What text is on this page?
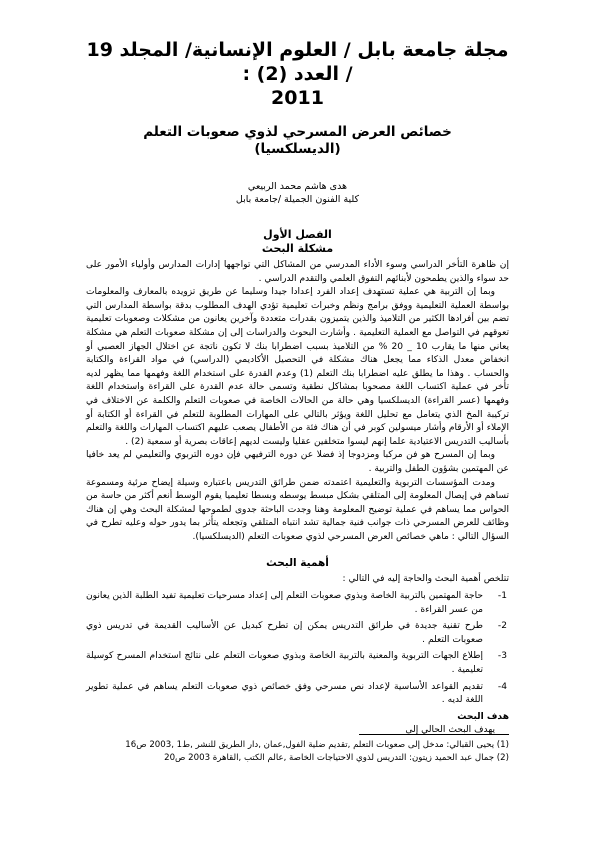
مجلة جامعة بابل / العلوم الإنسانية/ المجلد 19 / العدد (2) :
2011
خصائص العرض المسرحي لذوي صعوبات التعلم
(الديسلكسيا)
هدى هاشم محمد الربيعي
كلية الفنون الجميلة /جامعة بابل
الفصل الأول
مشكلة البحث

إن ظاهرة التأخر الدراسي وسوء الأداء المدرسي من المشاكل التي تواجهها إدارات المدارس وأولياء الأمور على حد سواء والذين يطمحون لأبنائهم التفوق العلمي والتقدم الدراسي .

وبما إن التربية هي عملية تستهدف إعداد الفرد إعدادا جيدا وسليما عن طريق تزويده بالمعارف والمعلومات بواسطة العملية التعليمية ووفق برامج ونظم وخبرات تعليمية تؤدي الهدف المطلوب بدقة بواسطة المدارس التي تضم بين أفرادها الكثير من التلاميذ والذين يتميزون بقدرات متعددة وآخرين يعانون من مشكلات وصعوبات تعليمية تعوقهم في التواصل مع العملية التعليمية . وأشارت البحوث والدراسات إلى إن مشكلة صعوبات التعلم هي مشكلة يعاني منها ما يقارب 10 _ 20 % من التلاميذ بسبب اضطرابا بنك لا تكون ناتجة عن اختلال الجهاز العصبي أو انخفاض معدل الذكاء مما يجعل هناك مشكلة في التحصيل الأكاديمي (الدراسي) في مواد القراءة والكتابة والحساب . وهذا ما يطلق عليه اضطرابا بنك التعلم (1) وعدم القدرة على استخدام اللغة وفهمها مما يظهر لديه تأخر في عملية اكتساب اللغة مصحوبا بمشاكل نطقية وتسمى حالة عدم القدرة على القراءة واستخدام اللغة وفهمها (عسر القراءة) الديسلكسيا وهي حالة من الحالات الخاصة في صعوبات التعلم والكلمة عن الاختلاف في تركيبة المخ الذي يتعامل مع تحليل اللغة ويؤثر بالتالي على المهارات المطلوبة للتعلم في القراءة أو الكتابة أو الإملاء أو الأرقام وأشار ميسولين كوبر في أن هناك فئة من الأطفال يصعب عليهم اكتساب المهارات واللغة والتعلم بأساليب التدريس الاعتيادية علما إنهم ليسوا متخلفين عقليا وليست لديهم إعاقات بصرية أو سمعية (2) .

وبما إن المسرح هو فن مركبا ومزدوجا إذ فضلا عن دوره الترفيهي فإن دوره التربوي والتعليمي لم يعد خافيا عن المهتمين بشؤون الطفل والتربية .

ومدت المؤسسات التربوية والتعليمية اعتمدته ضمن طرائق التدريس باعتباره وسيلة إيضاح مرئية ومسموعة تساهم في إيصال المعلومة إلى المتلقي بشكل مبسط يوسطه وبسطا تعليميا يقوم الوسط أنعم أكثر من حاسة من الحواس مما يساهم في عملية توضيح المعلومة وهنا وجدت الباحثة جدوى لطموحها لمشكلة البحث وهي إن هناك وظائف للعرض المسرحي ذات جوانب فنية جمالية تشد انتباه المتلقي وتجعله يتأثر بما يدور حوله وعليه تطرح في السؤال التالي : ماهي خصائص العرض المسرحي لذوي صعوبات التعلم (الديسلكسيا).

أهمية البحث

تتلخص أهمية البحث والحاجة إليه في التالي :

1-
حاجة المهتمين بالتربية الخاصة وبذوي صعوبات التعلم إلى إعداد مسرحيات تعليمية تفيد الطلبة الذين يعانون من عسر القراءة .
2-
طرح تقنية جديدة في طرائق التدريس يمكن إن تطرح كبديل عن الأساليب القديمة في تدريس ذوي صعوبات التعلم .
3-
إطلاع الجهات التربوية والمعنية بالتربية الخاصة وبذوي صعوبات التعلم على نتائج استخدام المسرح كوسيلة تعليمية .
4-
تقديم القواعد الأساسية لإعداد نص مسرحي وفق خصائص ذوي صعوبات التعلم يساهم في عملية تطوير اللغة لديه .

هدف البحث

يهدف البحث الحالي إلى

(1) يحيى القبالي: مدخل إلى صعوبات التعلم ,تقديم ضلية الفول,عمان ,دار الطريق للنشر ,ط1 ,2003 ص16
(2) جمال عبد الحميد زيتون: التدريس لذوي الاحتياجات الخاصة ,عالم الكتب ,القاهرة 2003 ص20
